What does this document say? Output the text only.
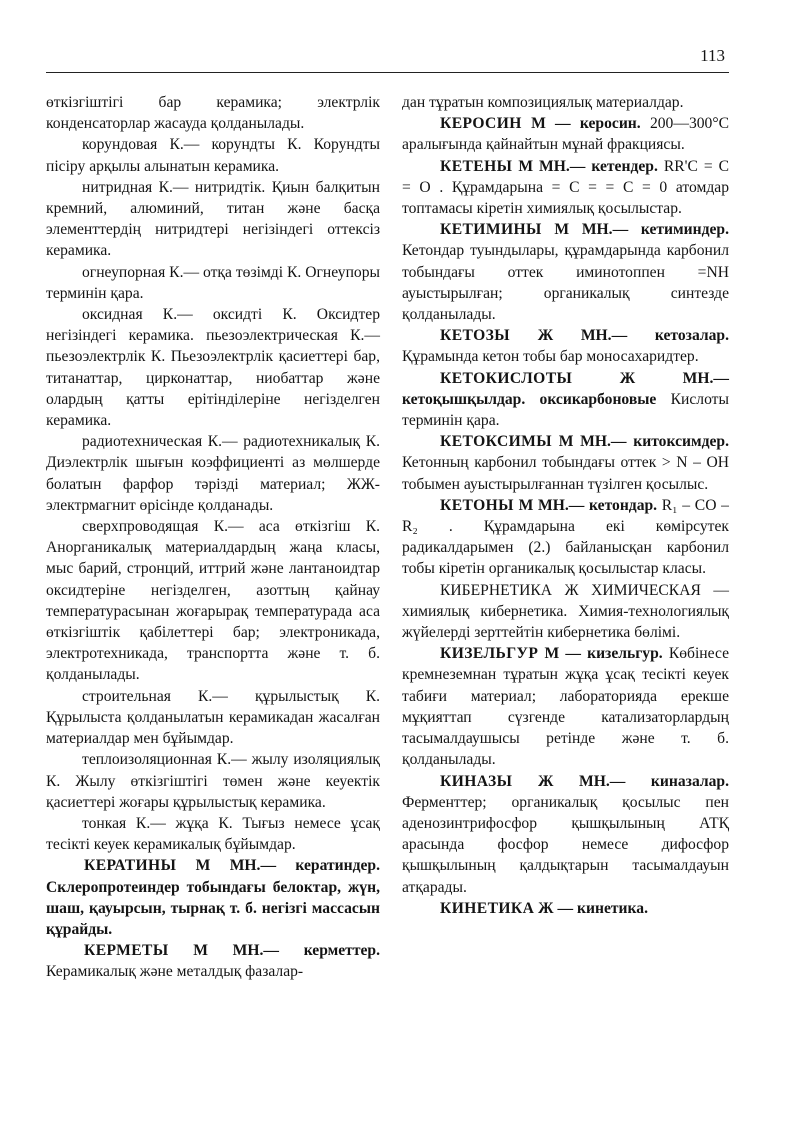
113

өткізгіштігі бар керамика; электрлік конденсаторлар жасауда қолданылады.

корундовая К.— корундты К. Корундты пісіру арқылы алынатын керамика.

нитридная К.— нитридтік. Қиын балқитын кремний, алюминий, титан және басқа элементтердің нитридтері негізіндегі оттексіз керамика.

огнеупорная К.— отқа төзімді К. Огнеупоры терминін қара.

оксидная К.— оксидті К. Оксидтер негізіндегі керамика. пьезоэлектрическая К.— пьезоэлектрлік К. Пьезоэлектрлік қасиеттері бар, титанаттар, цирконаттар, ниобаттар және олардың қатты ерітінділеріне негізделген керамика.

радиотехническая К.— радиотехникалық К. Диэлектрлік шығын коэффициенті аз мөлшерде болатын фарфор тәрізді материал; ЖЖ-электрмагнит өрісінде қолданады.

сверхпроводящая К.— аса өткізгіш К. Анорганикалық материалдардың жаңа класы, мыс барий, стронций, иттрий және лантаноидтар оксидтеріне негізделген, азоттың қайнау температурасынан жоғарырақ температурада аса өткізгіштік қабілеттері бар; электроникада, электротехникада, транспортта және т. б. қолданылады.

строительная К.— құрылыстық К. Құрылыста қолданылатын керамикадан жасалған материалдар мен бұйымдар.

теплоизоляционная К.— жылу изоляциялық К. Жылу өткізгіштігі төмен және кеуектік қасиеттері жоғары құрылыстық керамика.

тонкая К.— жұқа К. Тығыз немесе ұсақ тесікті кеуек керамикалық бұйымдар.

КЕРАТИНЫ М МН.— кератиндер. Склеропротеиндер тобындағы белоктар, жүн, шаш, қауырсын, тырнақ т. б. негізгі массасын құрайды.

КЕРМЕТЫ М МН.— керметтер. Керамикалық және металдық фазалар-

дан тұратын композициялық материалдар.

КЕРОСИН М — керосин. 200—300°С аралығында қайнайтын мұнай фракциясы.

КЕТЕНЫ М МН.— кетендер. RR'C = C = O . Құрамдарына = C = = C = 0 атомдар топтамасы кіретін химиялық қосылыстар.

КЕТИМИНЫ М МН.— кетиминдер. Кетондар туындылары, құрамдарында карбонил тобындағы оттек иминотоппен =NH ауыстырылған; органикалық синтезде қолданылады.

КЕТОЗЫ Ж МН.— кетозалар. Құрамында кетон тобы бар моносахаридтер.

КЕТОКИСЛОТЫ	Ж МН.— кетоқышқылдар. оксикарбоновые Кислоты терминін қара.

КЕТОКСИМЫ М МН.— китоксимдер. Кетонның карбонил тобындағы оттек > N – OH тобымен ауыстырылғаннан түзілген қосылыс.

КЕТОНЫ М МН.— кетондар. R₁ – CO – R₂ . Құрамдарына екі көмірсутек радикалдарымен (2.) байланысқан карбонил тобы кіретін органикалық қосылыстар класы.

КИБЕРНЕТИКА Ж ХИМИЧЕСКАЯ — химиялық кибернетика. Химия-технологиялық жүйелерді зерттейтін кибернетика бөлімі.

КИЗЕЛЬГУР М — кизельгур. Көбінесе кремнеземнан тұратын жұқа ұсақ тесікті кеуек табиғи материал; лабораторияда ерекше мұқияттап сүзгенде катализаторлардың тасымалдаушысы ретінде және т. б. қолданылады.

КИНАЗЫ Ж МН.— киназалар. Ферменттер; органикалық қосылыс пен аденозинтрифосфор қышқылының АТҚ арасында фосфор немесе дифосфор қышқылының қалдықтарын тасымалдауын атқарады.

КИНЕТИКА Ж — кинетика.
